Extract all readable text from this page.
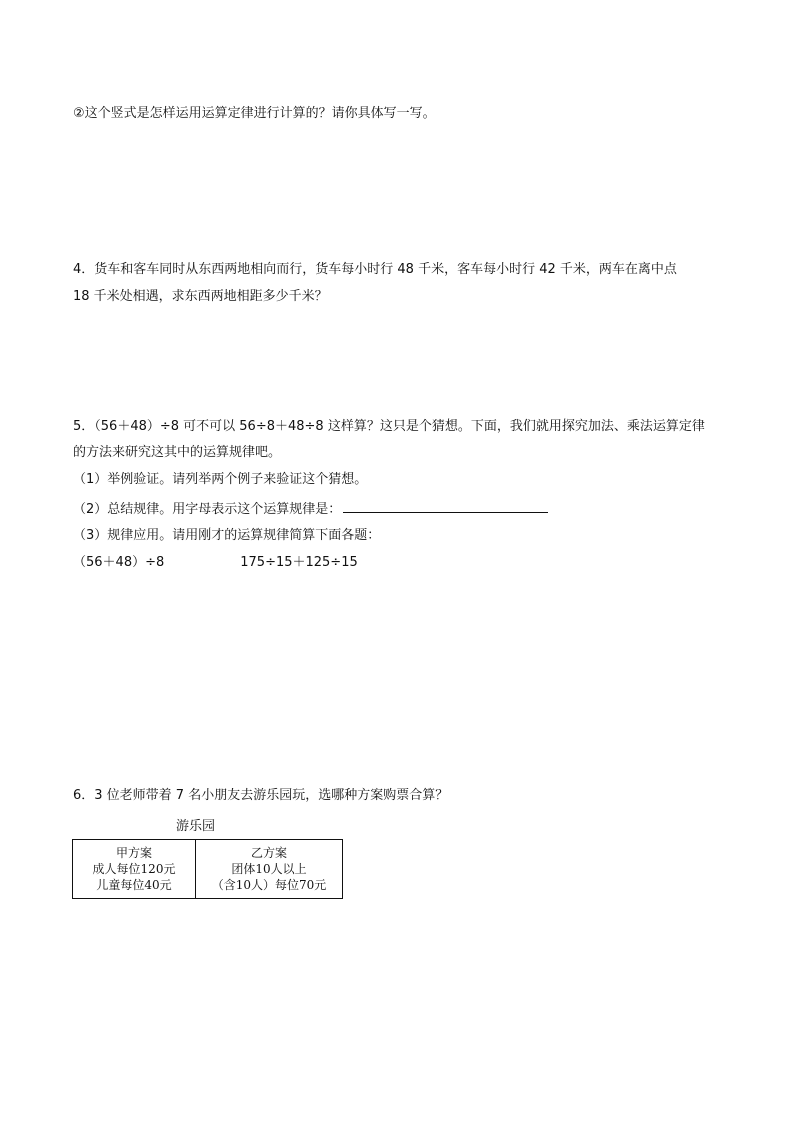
②这个竖式是怎样运用运算定律进行计算的？请你具体写一写。
4．货车和客车同时从东西两地相向而行，货车每小时行 48 千米，客车每小时行 42 千米，两车在离中点
18 千米处相遇，求东西两地相距多少千米？
5．（56＋48）÷8 可不可以 56÷8＋48÷8 这样算？这只是个猜想。下面，我们就用探究加法、乘法运算定律
的方法来研究这其中的运算规律吧。
（1）举例验证。请列举两个例子来验证这个猜想。
（2）总结规律。用字母表示这个运算规律是：
（3）规律应用。请用刚才的运算规律简算下面各题：
（56＋48）÷8	175÷15＋125÷15
6．3 位老师带着 7 名小朋友去游乐园玩，选哪种方案购票合算？
游乐园
甲方案
成人每位120元
儿童每位40元
乙方案
团体10人以上
（含10人）每位70元
